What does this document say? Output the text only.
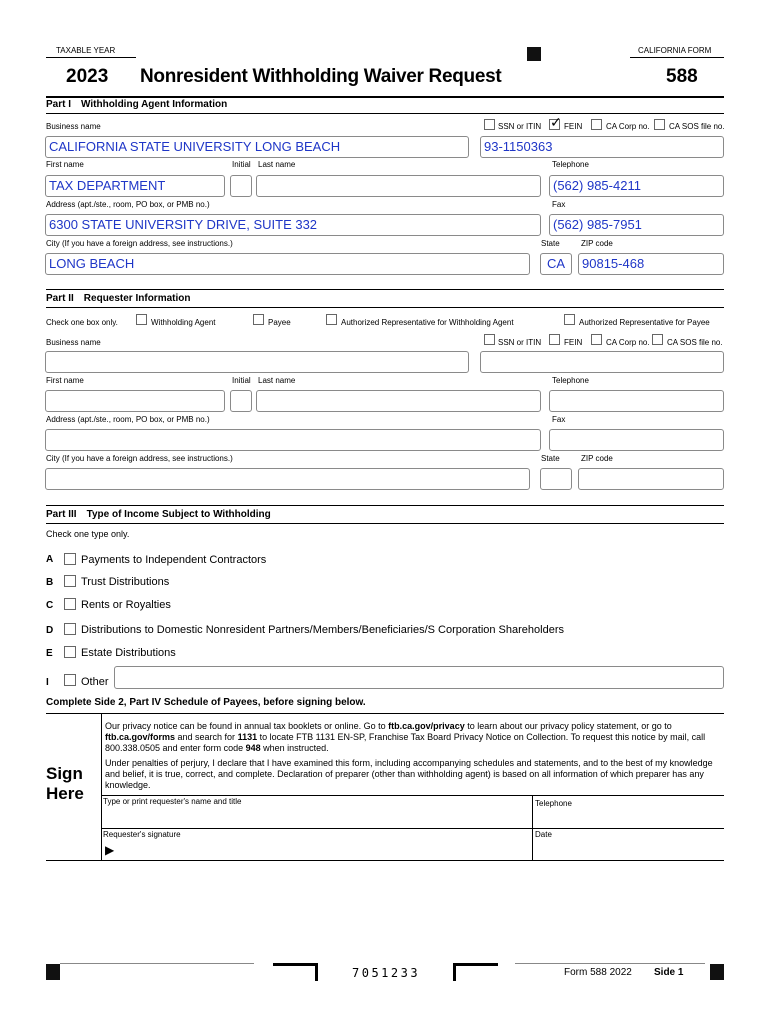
TAXABLE YEAR	CALIFORNIA FORM
2023 Nonresident Withholding Waiver Request	588
Part I Withholding Agent Information
Business name	SSN or ITIN
✓	FEIN	CA Corp no. CA SOS file no.
CALIFORNIA STATE UNIVERSITY LONG BEACH	93-1150363
First name	Initial Last name	Telephone
TAX DEPARTMENT	(562) 985-4211
Address (apt./ste., room, PO box, or PMB no.)	Fax
6300 STATE UNIVERSITY DRIVE, SUITE 332	(562) 985-7951
City (If you have a foreign address, see instructions.)	State	ZIP code
LONG BEACH	CA 90815-468
Part II Requester Information
Check one box only.	Withholding Agent	Payee	Authorized Representative for Withholding Agent	Authorized Representative for Payee
Business name	SSN or ITIN	FEIN	CA Corp no. CA SOS file no.
First name	Initial Last name	Telephone
Address (apt./ste., room, PO box, or PMB no.)	Fax
City (If you have a foreign address, see instructions.)	State	ZIP code
Part III Type of Income Subject to Withholding
Check one type only.
A	Payments to Independent Contractors
B	Trust Distributions
C	Rents or Royalties
D	Distributions to Domestic Nonresident Partners/Members/Beneficiaries/S Corporation Shareholders
E	Estate Distributions
I	Other
Complete Side 2, Part IV Schedule of Payees, before signing below.
Sign
Here
Our privacy notice can be found in annual tax booklets or online. Go to ftb.ca.gov/privacy to learn about our privacy policy statement, or go to ftb.ca.gov/forms and search for 1131 to locate FTB 1131 EN-SP, Franchise Tax Board Privacy Notice on Collection. To request this notice by mail, call 800.338.0505 and enter form code 948 when instructed.
Under penalties of perjury, I declare that I have examined this form, including accompanying schedules and statements, and to the best of my knowledge and belief, it is true, correct, and complete. Declaration of preparer (other than withholding agent) is based on all information of which preparer has any knowledge.
Type or print requester's name and title	Telephone
Requester's signature
▶
Date
7051233	Form 588 2022 Side 1
